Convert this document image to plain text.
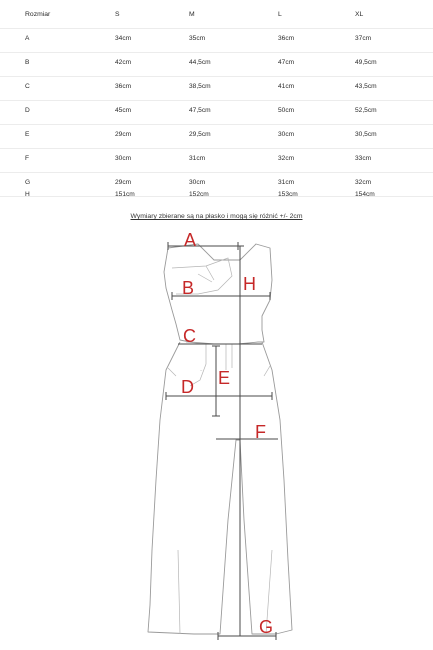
Rozmiar	S	M	L	XL
A	34cm	35cm	36cm	37cm
B	42cm	44,5cm	47cm	49,5cm
C	36cm	38,5cm	41cm	43,5cm
D	45cm	47,5cm	50cm	52,5cm
E	29cm	29,5cm	30cm	30,5cm
F	30cm	31cm	32cm	33cm
G	29cm	30cm	31cm	32cm
H	151cm	152cm	153cm	154cm
Wymiary zbierane są na płasko i mogą się różnić +/- 2cm
~
A
B
C
D E
F
G
H
